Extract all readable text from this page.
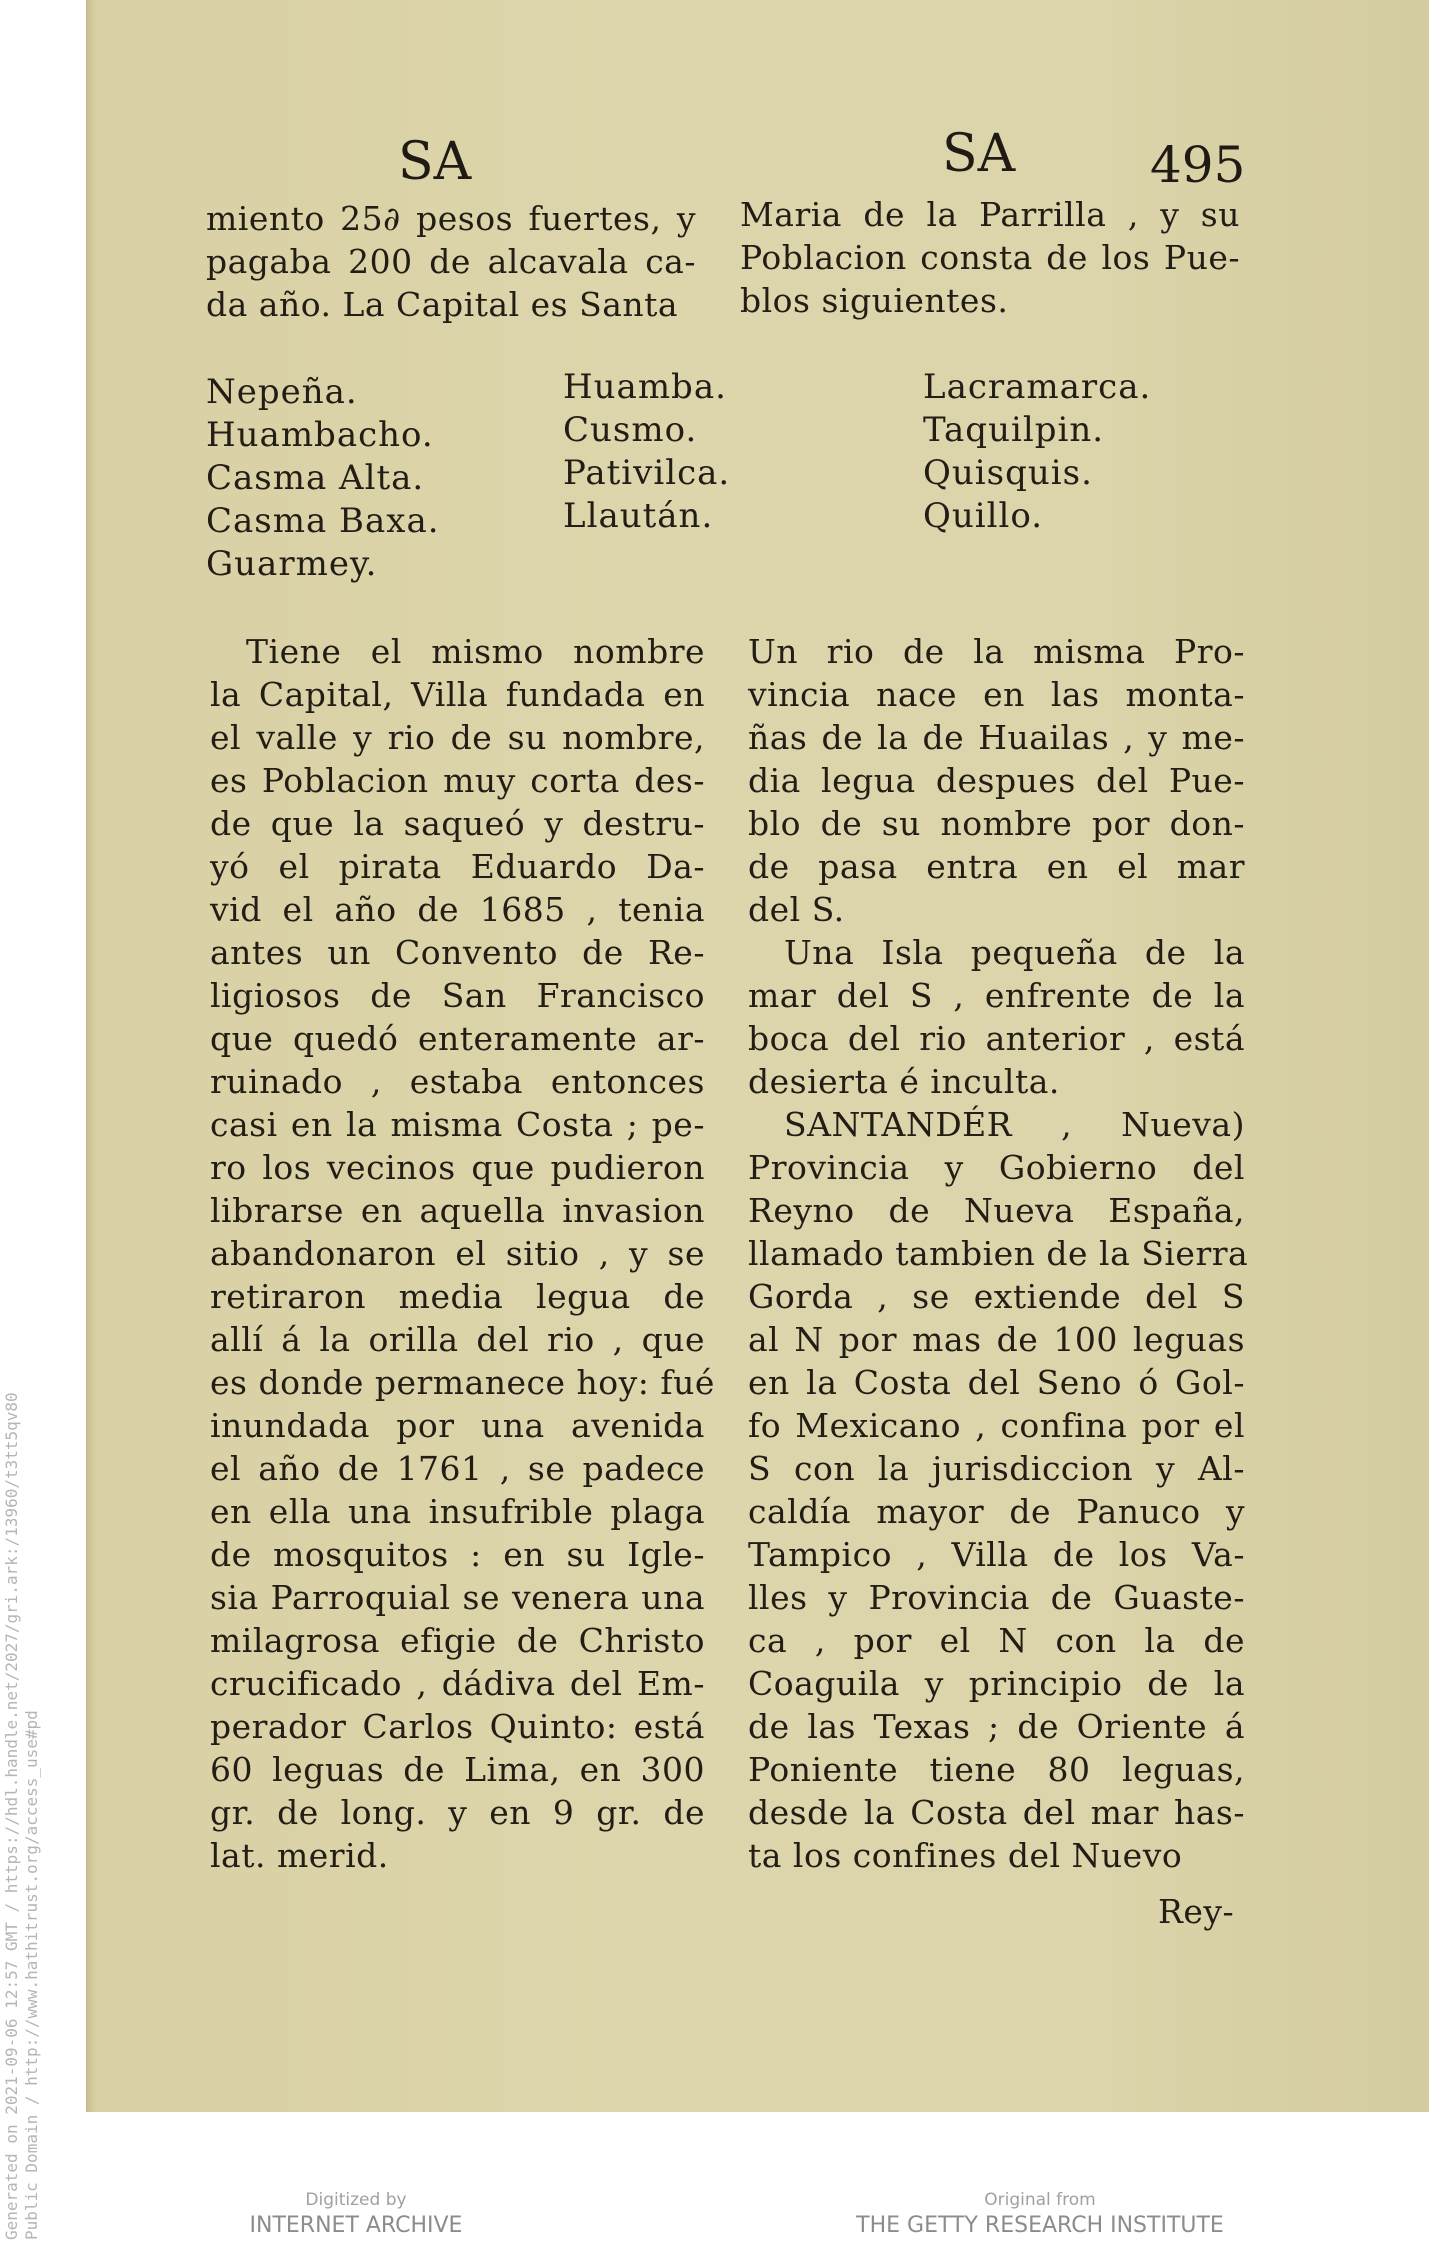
Generated on 2021-09-06 12:57 GMT / https://hdl.handle.net/2027/gri.ark:/13960/t3tt5qv80 Public Domain / http://www.hathitrust.org/access_use#pd
SA	SA	495
miento 25∂ pesos fuertes, y
pagaba 200 de alcavala ca-
da año. La Capital es Santa
Maria de la Parrilla , y su
Poblacion consta de los Pue-
blos siguientes.
Nepeña.
Huambacho.
Casma Alta.
Casma Baxa.
Guarmey.
Huamba.
Cusmo.
Pativilca.
Llaután.
Lacramarca.
Taquilpin.
Quisquis.
Quillo.
Tiene el mismo nombre
la Capital, Villa fundada en
el valle y rio de su nombre,
es Poblacion muy corta des-
de que la saqueó y destru-
yó el pirata Eduardo Da-
vid el año de 1685 , tenia
antes un Convento de Re-
ligiosos de San Francisco
que quedó enteramente ar-
ruinado , estaba entonces
casi en la misma Costa ; pe-
ro los vecinos que pudieron
librarse en aquella invasion
abandonaron el sitio , y se
retiraron media legua de
allí á la orilla del rio , que
es donde permanece hoy: fué
inundada por una avenida
el año de 1761 , se padece
en ella una insufrible plaga
de mosquitos : en su Igle-
sia Parroquial se venera una
milagrosa efigie de Christo
crucificado , dádiva del Em-
perador Carlos Quinto: está
60 leguas de Lima, en 300
gr. de long. y en 9 gr. de
lat. merid.
Un rio de la misma Pro-
vincia nace en las monta-
ñas de la de Huailas , y me-
dia legua despues del Pue-
blo de su nombre por don-
de pasa entra en el mar
del S.
Una Isla pequeña de la
mar del S , enfrente de la
boca del rio anterior , está
desierta é inculta.
SANTANDÉR , Nueva)
Provincia y Gobierno del
Reyno de Nueva España,
llamado tambien de la Sierra
Gorda , se extiende del S
al N por mas de 100 leguas
en la Costa del Seno ó Gol-
fo Mexicano , confina por el
S con la jurisdiccion y Al-
caldía mayor de Panuco y
Tampico , Villa de los Va-
lles y Provincia de Guaste-
ca , por el N con la de
Coaguila y principio de la
de las Texas ; de Oriente á
Poniente tiene 80 leguas,
desde la Costa del mar has-
ta los confines del Nuevo
Rey-
Digitized by
INTERNET ARCHIVE
Original from
THE GETTY RESEARCH INSTITUTE
